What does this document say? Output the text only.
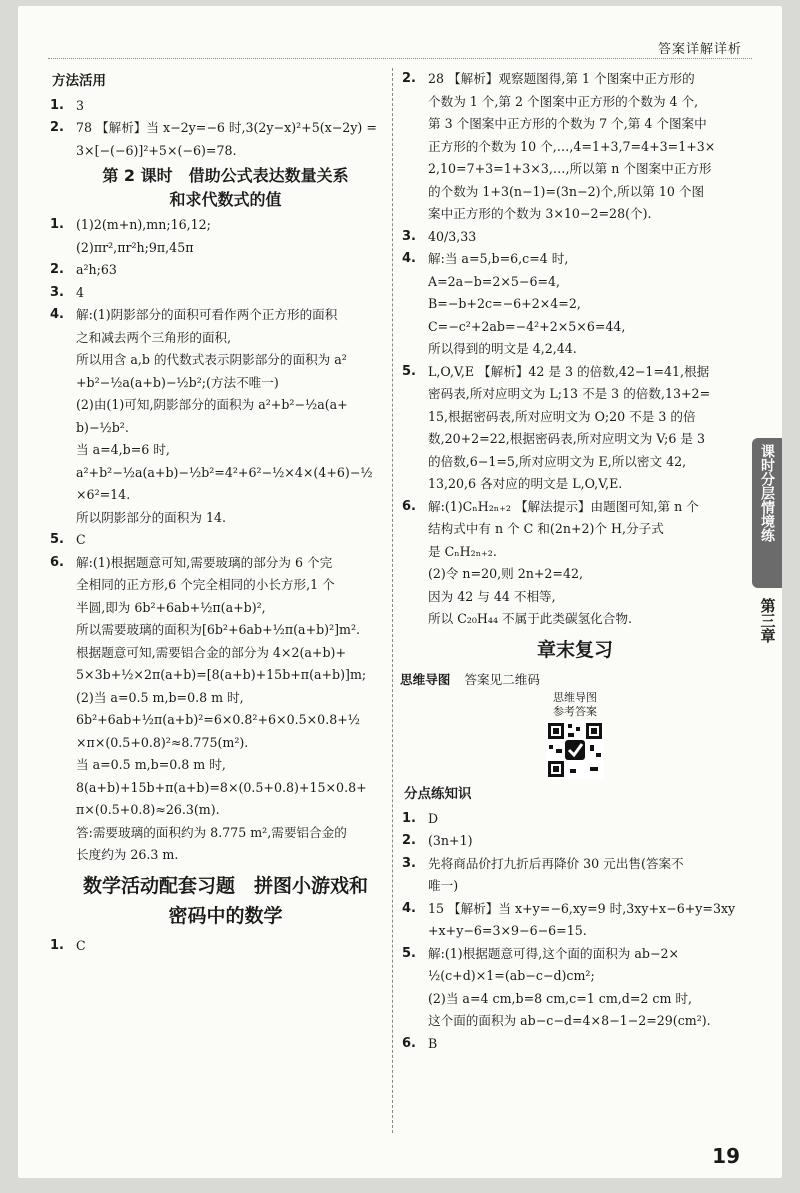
答案详解详析
方法活用
1. 3
2. 78 【解析】当 x−2y=−6 时,3(2y−x)²+5(x−2y) =
3×[−(−6)]²+5×(−6)=78.
第 2 课时　借助公式表达数量关系
和求代数式的值
1. (1)2(m+n),mn;16,12;
(2)πr²,πr²h;9π,45π
2. a²h;63
3. 4
4. 解:(1)阴影部分的面积可看作两个正方形的面积
之和减去两个三角形的面积,
所以用含 a,b 的代数式表示阴影部分的面积为 a²
+b²−½a(a+b)−½b²;(方法不唯一)
(2)由(1)可知,阴影部分的面积为 a²+b²−½a(a+
b)−½b².
当 a=4,b=6 时,
a²+b²−½a(a+b)−½b²=4²+6²−½×4×(4+6)−½
×6²=14.
所以阴影部分的面积为 14.
5. C
6. 解:(1)根据题意可知,需要玻璃的部分为 6 个完
全相同的正方形,6 个完全相同的小长方形,1 个
半圆,即为 6b²+6ab+½π(a+b)²,
所以需要玻璃的面积为[6b²+6ab+½π(a+b)²]m².
根据题意可知,需要铝合金的部分为 4×2(a+b)+
5×3b+½×2π(a+b)=[8(a+b)+15b+π(a+b)]m;
(2)当 a=0.5 m,b=0.8 m 时,
6b²+6ab+½π(a+b)²=6×0.8²+6×0.5×0.8+½
×π×(0.5+0.8)²≈8.775(m²).
当 a=0.5 m,b=0.8 m 时,
8(a+b)+15b+π(a+b)=8×(0.5+0.8)+15×0.8+
π×(0.5+0.8)≈26.3(m).
答:需要玻璃的面积约为 8.775 m²,需要铝合金的
长度约为 26.3 m.
数学活动配套习题　拼图小游戏和
密码中的数学
1. C
2. 28 【解析】观察题图得,第 1 个图案中正方形的
个数为 1 个,第 2 个图案中正方形的个数为 4 个,
第 3 个图案中正方形的个数为 7 个,第 4 个图案中
正方形的个数为 10 个,…,4=1+3,7=4+3=1+3×
2,10=7+3=1+3×3,…,所以第 n 个图案中正方形
的个数为 1+3(n−1)=(3n−2)个,所以第 10 个图
案中正方形的个数为 3×10−2=28(个).
3. 40/3,33
4. 解:当 a=5,b=6,c=4 时,
A=2a−b=2×5−6=4,
B=−b+2c=−6+2×4=2,
C=−c²+2ab=−4²+2×5×6=44,
所以得到的明文是 4,2,44.
5. L,O,V,E 【解析】42 是 3 的倍数,42−1=41,根据
密码表,所对应明文为 L;13 不是 3 的倍数,13+2=
15,根据密码表,所对应明文为 O;20 不是 3 的倍
数,20+2=22,根据密码表,所对应明文为 V;6 是 3
的倍数,6−1=5,所对应明文为 E,所以密文 42,
13,20,6 各对应的明文是 L,O,V,E.
6. 解:(1)CₙH₂ₙ₊₂ 【解法提示】由题图可知,第 n 个
结构式中有 n 个 C 和(2n+2)个 H,分子式
是 CₙH₂ₙ₊₂.
(2)令 n=20,则 2n+2=42,
因为 42 与 44 不相等,
所以 C₂₀H₄₄ 不属于此类碳氢化合物.
章末复习
思维导图 答案见二维码
思维导图
参考答案
分点练知识
1. D
2. (3n+1)
3. 先将商品价打九折后再降价 30 元出售(答案不
唯一)
4. 15 【解析】当 x+y=−6,xy=9 时,3xy+x−6+y=3xy
+x+y−6=3×9−6−6=15.
5. 解:(1)根据题意可得,这个面的面积为 ab−2×
½(c+d)×1=(ab−c−d)cm²;
(2)当 a=4 cm,b=8 cm,c=1 cm,d=2 cm 时,
这个面的面积为 ab−c−d=4×8−1−2=29(cm²).
6. B
课时分层情境练
第三章
19
